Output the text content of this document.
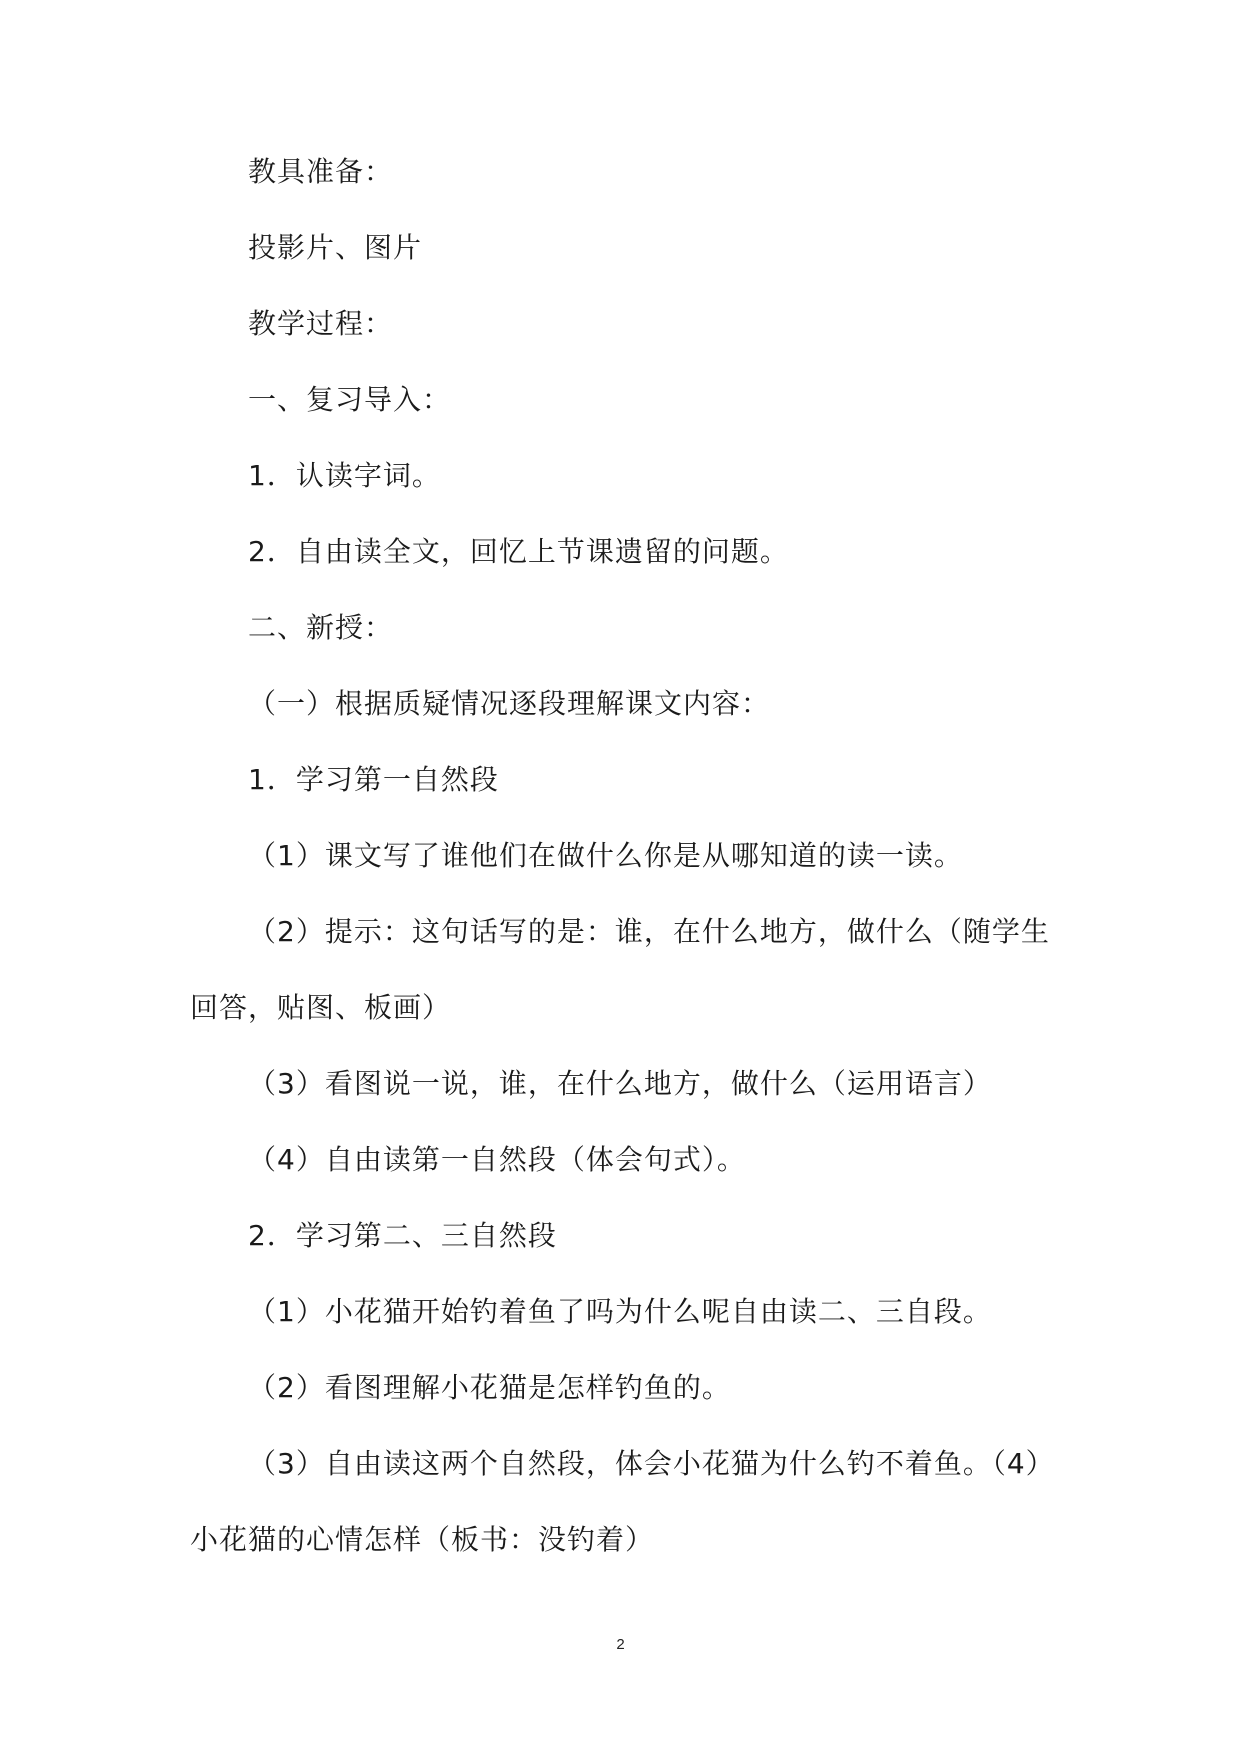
教具准备：

投影片、图片

教学过程：

一、复习导入：

1．认读字词。

2．自由读全文，回忆上节课遗留的问题。

二、新授：

（一）根据质疑情况逐段理解课文内容：

1．学习第一自然段

（1）课文写了谁他们在做什么你是从哪知道的读一读。

（2）提示：这句话写的是：谁，在什么地方，做什么（随学生回答，贴图、板画）

（3）看图说一说，谁，在什么地方，做什么（运用语言）

（4）自由读第一自然段（体会句式）。

2．学习第二、三自然段

（1）小花猫开始钓着鱼了吗为什么呢自由读二、三自段。

（2）看图理解小花猫是怎样钓鱼的。

（3）自由读这两个自然段，体会小花猫为什么钓不着鱼。（4）小花猫的心情怎样（板书：没钓着）

2
